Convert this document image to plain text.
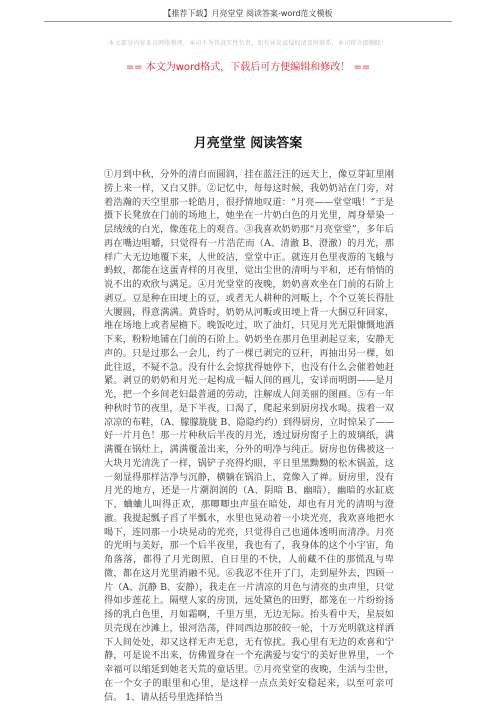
【推荐下载】月亮堂堂 阅读答案-word范文模板
本文部分内容来自网络整理，本司不为其真实性负责，如有异议或侵权请及时联系，本司将立即删除！
== 本文为word格式，下载后可方便编辑和修改！ ==
月亮堂堂 阅读答案
①月到中秋，分外的清白而圆润，挂在蓝汪汪的远天上，像豆芽缸里刚捞上来一样，又白又胖。②记忆中，每每这时候，我奶奶站在门旁，对着浩瀚的天空里那一轮皓月，很抒情地叹道：“月亮——堂堂哦！”于是摄下长凳放在门前的场地上，她坐在一片奶白色的月光里，周身晕染一层绒绒的白光，像莲花上的观音。③我喜欢奶奶那“月亮堂堂”，多年后再在嘴边咀嚼，只觉得有一片浩茫而（A、清澈 B、澄澈）的月光，那样广大无边地覆下来，人世皎洁，堂堂中正。就连月色里夜游的飞蛾与蚂蚁，都能在这蛋青样的月夜里，觉出尘世的清明与平和，还有悄悄的说不出的欢欣与满足。④月光堂堂的夜晚，奶奶喜欢坐在门前的石阶上剥豆。豆是种在田埂上的豆，或者无人耕种的河畈上，个个豆荚长得肚大腰圆，得意满满。黄昏时，奶奶从河畈或田埂上背一大捆豆秆回家，堆在场地上或者屋檐下。晚饭吃过，吹了油灯，只见月光无限慷慨地洒下来，粉粉地铺在门前的石阶上。奶奶坐在那月色里剥起豆来，安静无声的。只是过那么一会儿，约了一棵已剥完的豆秆，再抽出另一棵，如此往返，不疑不急。没有什么会惊扰得她停下，也没有什么会催着她赶紧。剥豆的奶奶和月光一起构成一幅人间的画儿，安详而明朗——是月光，把一个乡间老妇最普通的劳动，注解成人间美丽的图画。⑤有一年种秋时节的夜里，是下半夜，口渴了，爬起来到厨房找水喝。拔着一双凉凉的布鞋，（A、朦朦胧胧 B、隐隐约约）到得厨房，立时惊呆了——好一片月色！那一片种秋后半夜的月光，透过厨房窗子上的玻璃纸，满满覆在锅灶上，满满覆盖出来，分外的明净与纯正。厨房也仿佛被这一大块月光清洗了一样，锅铲子亮得灼眼，平日里黑黝黝的松木锅盖，这一刻显得那样洁净与沉静，横躺在锅沿上，竟像入了禅。厨房里，没有月光的地方，还是一片潮润润的（A、阴暗 B、幽暗），幽暗的水缸底下，蛐蛐儿叫得正欢，那唧唧虫声虽在暗处，却也有月光的清明与澄澈。我提起瓢子舀了半瓢水，水里也晃动着一小块光亮，我欢喜地把水喝下，连同那一小块晃动的光亮，只觉得自己也通体透明而清净。月亮的光明与美好，那一个后半夜里，我也有了，我身体的这个小宇宙，角角落落，都得了月光朗照，自日里的不快，人前藏不住的那慌乱与卑微，都在这月光里消融不见。⑥我忍不住开了门，走到屋外去，四顾一片（A、沉静 B、安静），我走在一片清凉的月色与清亮的虫声里，只觉得如步莲花上。隔壁人家的房顶，远处黛色的田野，都笼在一片纷纷扬扬的乳白色里，月如霜啊，千里万里，无边无际。抬头看中天，星辰如贝壳现在沙滩上，银河浩荡，伴同西边那皎皎一轮，十万光明就这样洒下人间处处，却又这样无声无息，无有惊扰。我心里有无边的欢喜和宁静，可是说不出来，仿佛置身在一个充满爱与安宁的美好世界里，一个幸福可以缩延到她老天荒的童话里。⑦月亮堂堂的夜晚，生活与尘世，在一个女子的眼里和心里，是这样一点点美好安稳起来，以至可亲可信。 1、请从括号里选择恰当
